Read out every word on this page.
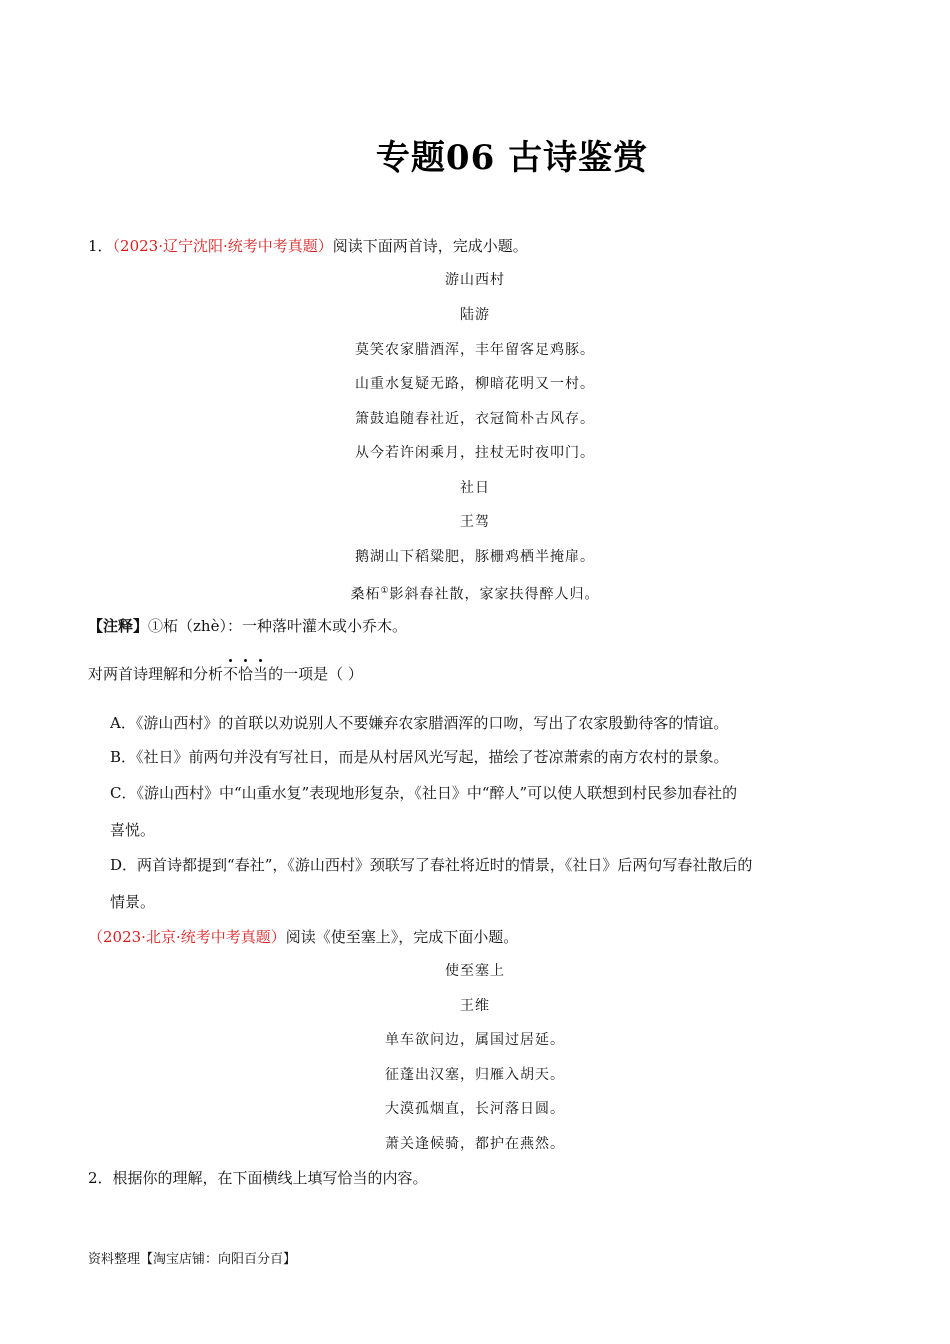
专题06 古诗鉴赏
1．（2023·辽宁沈阳·统考中考真题）阅读下面两首诗，完成小题。
游山西村
陆游
莫笑农家腊酒浑，丰年留客足鸡豚。
山重水复疑无路，柳暗花明又一村。
箫鼓追随春社近，衣冠简朴古风存。
从今若许闲乘月，拄杖无时夜叩门。
社日
王驾
鹅湖山下稻粱肥，豚栅鸡栖半掩扉。
桑柘①影斜春社散，家家扶得醉人归。
【注释】①柘（zhè）：一种落叶灌木或小乔木。
对两首诗理解和分析不恰当的一项是（ ）
A．《游山西村》的首联以劝说别人不要嫌弃农家腊酒浑的口吻，写出了农家殷勤待客的情谊。
B．《社日》前两句并没有写社日，而是从村居风光写起，描绘了苍凉萧索的南方农村的景象。
C．《游山西村》中“山重水复”表现地形复杂，《社日》中“醉人”可以使人联想到村民参加春社的
喜悦。
D．两首诗都提到“春社”，《游山西村》颈联写了春社将近时的情景，《社日》后两句写春社散后的
情景。
（2023·北京·统考中考真题）阅读《使至塞上》，完成下面小题。
使至塞上
王维
单车欲问边，属国过居延。
征蓬出汉塞，归雁入胡天。
大漠孤烟直，长河落日圆。
萧关逢候骑，都护在燕然。
2．根据你的理解，在下面横线上填写恰当的内容。
资料整理【淘宝店铺：向阳百分百】
